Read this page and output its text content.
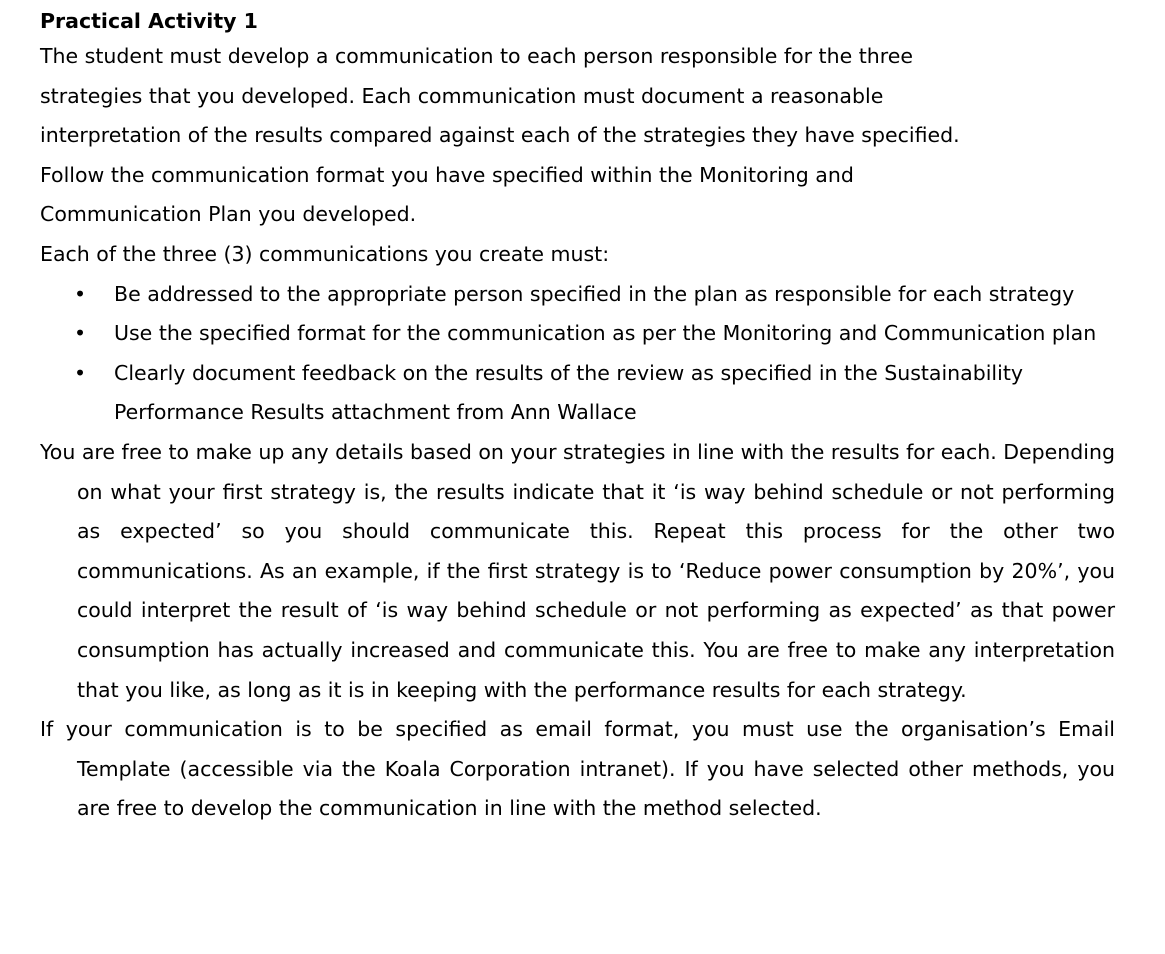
Practical Activity 1

The student must develop a communication to each person responsible for the three
strategies that you developed. Each communication must document a reasonable
interpretation of the results compared against each of the strategies they have specified.
Follow the communication format you have specified within the Monitoring and
Communication Plan you developed.

Each of the three (3) communications you create must:

• Be addressed to the appropriate person specified in the plan as responsible for each strategy
• Use the specified format for the communication as per the Monitoring and Communication plan
• Clearly document feedback on the results of the review as specified in the Sustainability Performance Results attachment from Ann Wallace

You are free to make up any details based on your strategies in line with the results for each. Depending on what your first strategy is, the results indicate that it ‘is way behind schedule or not performing as expected’ so you should communicate this. Repeat this process for the other two communications. As an example, if the first strategy is to ‘Reduce power consumption by 20%’, you could interpret the result of ‘is way behind schedule or not performing as expected’ as that power consumption has actually increased and communicate this. You are free to make any interpretation that you like, as long as it is in keeping with the performance results for each strategy.

If your communication is to be specified as email format, you must use the organisation’s Email Template (accessible via the Koala Corporation intranet). If you have selected other methods, you are free to develop the communication in line with the method selected.
